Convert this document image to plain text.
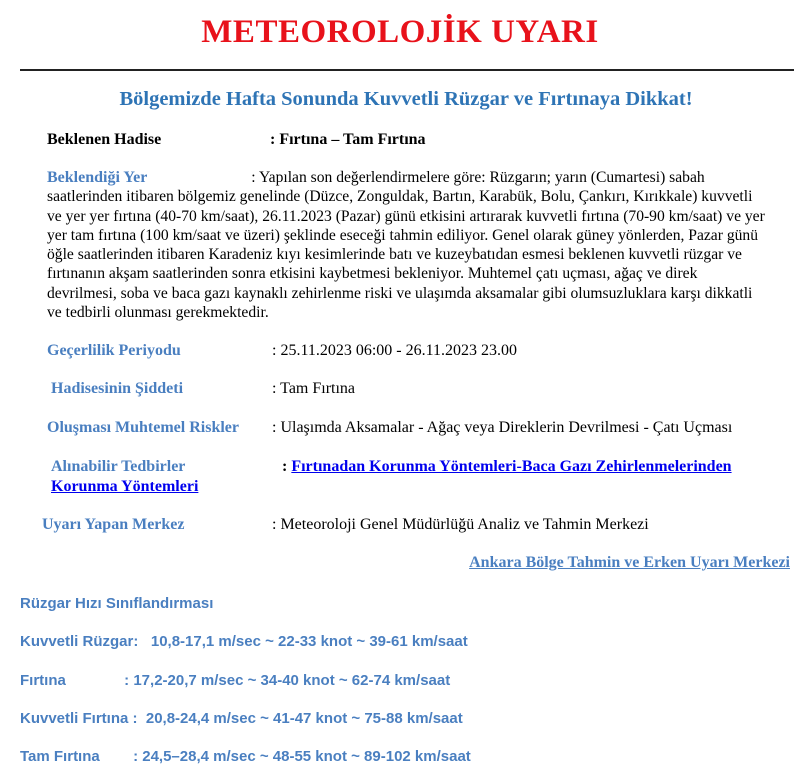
METEOROLOJİK UYARI
Bölgemizde Hafta Sonunda Kuvvetli Rüzgar ve Fırtınaya Dikkat!
Beklenen Hadise	: Fırtına – Tam Fırtına
Beklendiği Yer	: Yapılan son değerlendirmelere göre: Rüzgarın; yarın (Cumartesi) sabah saatlerinden itibaren bölgemiz genelinde (Düzce, Zonguldak, Bartın, Karabük, Bolu, Çankırı, Kırıkkale) kuvvetli ve yer yer fırtına (40-70 km/saat), 26.11.2023 (Pazar) günü etkisini artırarak kuvvetli fırtına (70-90 km/saat) ve yer yer tam fırtına (100 km/saat ve üzeri) şeklinde eseceği tahmin ediliyor. Genel olarak güney yönlerden, Pazar günü öğle saatlerinden itibaren Karadeniz kıyı kesimlerinde batı ve kuzeybatıdan esmesi beklenen kuvvetli rüzgar ve fırtınanın akşam saatlerinden sonra etkisini kaybetmesi bekleniyor. Muhtemel çatı uçması, ağaç ve direk devrilmesi, soba ve baca gazı kaynaklı zehirlenme riski ve ulaşımda aksamalar gibi olumsuzluklara karşı dikkatli ve tedbirli olunması gerekmektedir.
Geçerlilik Periyodu	: 25.11.2023 06:00 - 26.11.2023 23.00
Hadisesinin Şiddeti	: Tam Fırtına
Oluşması Muhtemel Riskler : Ulaşımda Aksamalar - Ağaç veya Direklerin Devrilmesi - Çatı Uçması
Alınabilir Tedbirler	: Fırtınadan Korunma Yöntemleri-Baca Gazı Zehirlenmelerinden
Korunma Yöntemleri
Uyarı Yapan Merkez	: Meteoroloji Genel Müdürlüğü Analiz ve Tahmin Merkezi
Ankara Bölge Tahmin ve Erken Uyarı Merkezi
Rüzgar Hızı Sınıflandırması
Kuvvetli Rüzgar:   10,8-17,1 m/sec ~ 22-33 knot ~ 39-61 km/saat
Fırtına              : 17,2-20,7 m/sec ~ 34-40 knot ~ 62-74 km/saat
Kuvvetli Fırtına :  20,8-24,4 m/sec ~ 41-47 knot ~ 75-88 km/saat
Tam Fırtına        : 24,5–28,4 m/sec ~ 48-55 knot ~ 89-102 km/saat
